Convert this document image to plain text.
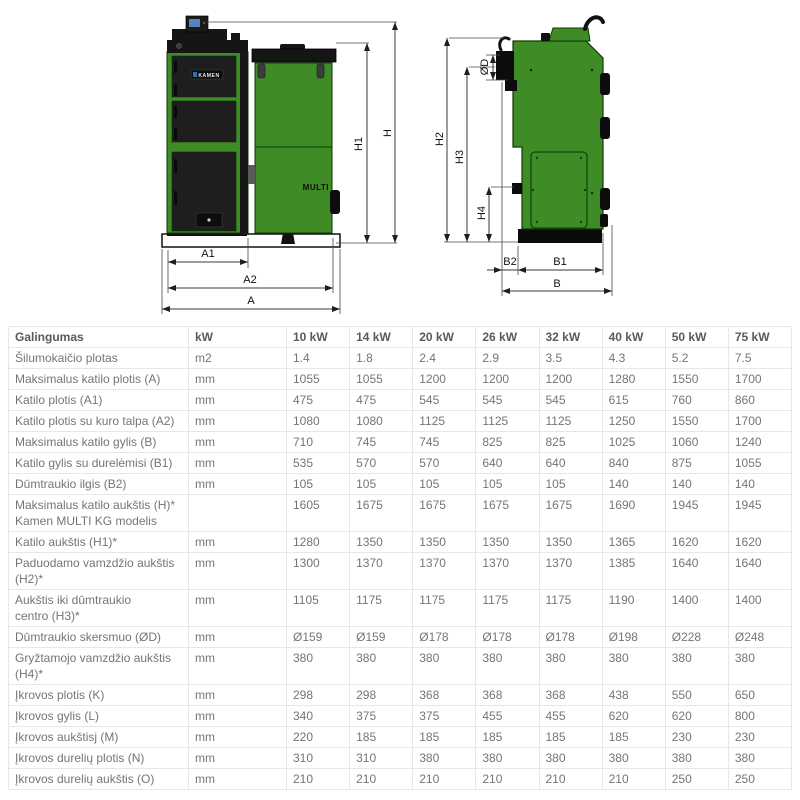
KAMEN
MULTI
H
H1
A1
A2
A
H2
H3
ØD
H4
B2	B1
B
Galingumas	kW	10 kW	14 kW	20 kW	26 kW	32 kW	40 kW	50 kW	75 kW
Šilumokaičio plotas	m2	1.4	1.8	2.4	2.9	3.5	4.3	5.2	7.5
Maksimalus katilo plotis (A)	mm	1055	1055	1200	1200	1200	1280	1550	1700
Katilo plotis (A1)	mm	475	475	545	545	545	615	760	860
Katilo plotis su kuro talpa (A2)	mm	1080	1080	1125	1125	1125	1250	1550	1700
Maksimalus katilo gylis (B)	mm	710	745	745	825	825	1025	1060	1240
Katilo gylis su durelėmisi (B1)	mm	535	570	570	640	640	840	875	1055
Dūmtraukio ilgis (B2)	mm	105	105	105	105	105	140	140	140
Maksimalus katilo aukštis (H)*
Kamen MULTI KG modelis		1605	1675	1675	1675	1675	1690	1945	1945
Katilo aukštis (H1)*	mm	1280	1350	1350	1350	1350	1365	1620	1620
Paduodamo vamzdžio aukštis
(H2)*	mm	1300	1370	1370	1370	1370	1385	1640	1640
Aukštis iki dūmtraukio
centro (H3)*	mm	1105	1175	1175	1175	1175	1190	1400	1400
Dūmtraukio skersmuo (ØD)	mm	Ø159	Ø159	Ø178	Ø178	Ø178	Ø198	Ø228	Ø248
Gryžtamojo vamzdžio aukštis
(H4)*	mm	380	380	380	380	380	380	380	380
Įkrovos plotis (K)	mm	298	298	368	368	368	438	550	650
Įkrovos gylis (L)	mm	340	375	375	455	455	620	620	800
Įkrovos aukštisj (M)	mm	220	185	185	185	185	185	230	230
Įkrovos durelių plotis (N)	mm	310	310	380	380	380	380	380	380
Įkrovos durelių aukštis (O)	mm	210	210	210	210	210	210	250	250
